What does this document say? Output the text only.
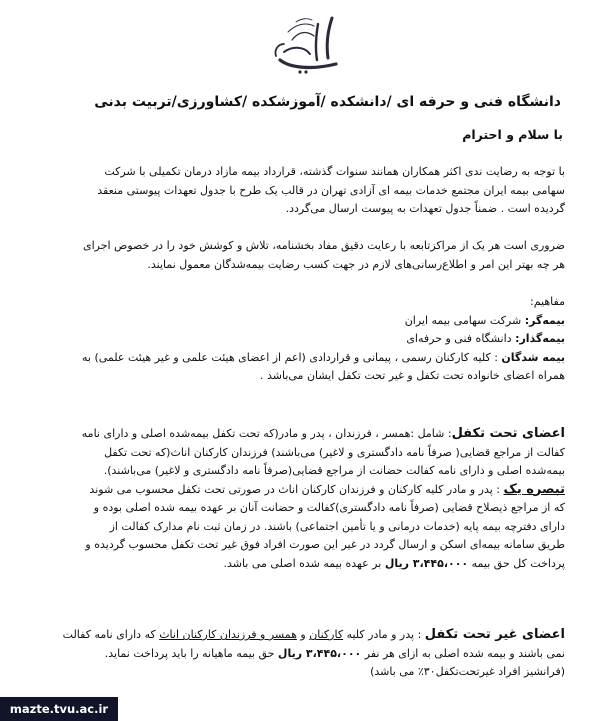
دانشگاه فنی و حرفه ای /دانشکده /آموزشکده /کشاورزی/تربیت بدنی
با سلام و احترام
با توجه به رضایت ندی اکثر همکاران همانند سنوات گذشته، قرارداد بیمه مازاد درمان تکمیلی با شرکت
سهامی بیمه ایران مجتمع خدمات بیمه ای آزادی تهران در قالب یک طرح با جدول تعهدات پیوستی منعقد
گردیده است . ضمناً جدول تعهدات به پیوست ارسال می‌گردد.
ضروری است هر یک از مراکزتابعه با رعایت دقیق مفاد بخشنامه، تلاش و کوشش خود را در خصوص اجرای
هر چه بهتر این امر و اطلاع‌رسانی‌های لازم در جهت کسب رضایت بیمه‌شدگان معمول نمایند.
مفاهیم:
بیمه‌گر: شرکت سهامی بیمه ایران
بیمه‌گذار: دانشگاه فنی و حرفه‌ای
بیمه شدگان : کلیه کارکنان رسمی ، پیمانی و قراردادی (اعم از اعضای هیئت علمی و غیر هیئت علمی) به
همراه اعضای خانواده تحت تکفل و غیر تحت تکفل ایشان می‌باشد .
اعضای تحت تکفل: شامل :همسر ، فرزندان ، پدر و مادر(که تحت تکفل بیمه‌شده اصلی و دارای نامه
کفالت از مراجع قضایی( صرفاً نامه دادگستری و لاغیر) می‌باشند) فرزندان کارکنان اناث(که تحت تکفل
بیمه‌شده اصلی و دارای نامه کفالت حضانت از مراجع قضایی(صرفاً نامه دادگستری و لاغیر) می‌باشند).
تبصره یک : پدر و مادر کلیه کارکنان و فرزندان کارکنان اناث در صورتی تحت تکفل محسوب می شوند
که از مراجع ذیصلاح قضایی (صرفاً نامه دادگستری)کفالت و حضانت آنان بر عهده بیمه شده اصلی بوده و
دارای دفترچه بیمه پایه (خدمات درمانی و یا تأمین اجتماعی) باشند. در زمان ثبت نام مدارک کفالت از
طریق سامانه بیمه‌ای اسکن و ارسال گردد در غیر این صورت افراد فوق غیر تحت تکفل محسوب گردیده و
پرداخت کل حق بیمه ۳،۴۴۵،۰۰۰ ریال بر عهده بیمه شده اصلی می باشد.
اعضای غیر تحت تکفل : پدر و مادر کلیه کارکنان و همسر و فرزندان کارکنان اناث که دارای نامه کفالت
نمی باشند و بیمه شده اصلی به ازای هر نفر ۳،۴۴۵،۰۰۰ ریال حق بیمه ماهیانه را باید پرداخت نماید.
(فرانشیز افراد غیرتحت‌تکفل۳۰٪ می باشد)
mazte.tvu.ac.ir
